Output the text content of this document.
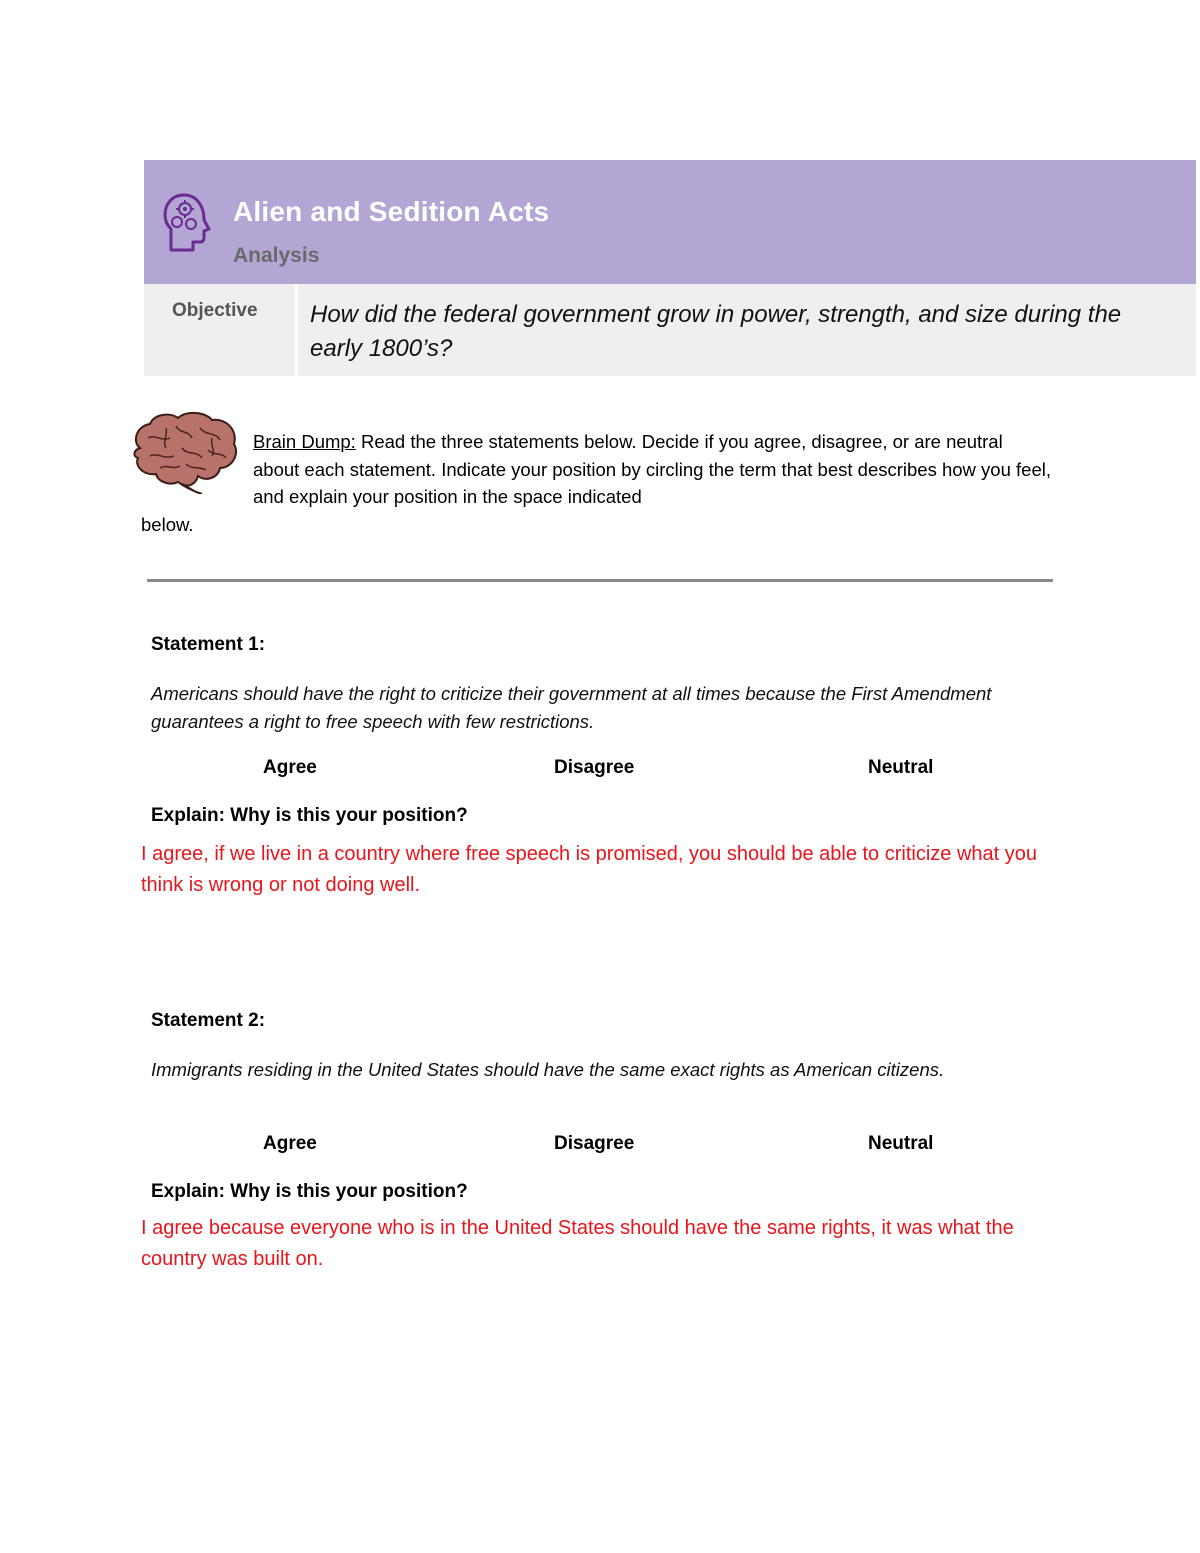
Alien and Sedition Acts
Analysis
Objective How did the federal government grow in power, strength, and size during the early 1800’s?
Brain Dump: Read the three statements below. Decide if you agree, disagree, or are neutral about each statement. Indicate your position by circling the term that best describes how you feel, and explain your position in the space indicated
below.
Statement 1:
Americans should have the right to criticize their government at all times because the First Amendment guarantees a right to free speech with few restrictions.
Agree	Disagree	Neutral
Explain: Why is this your position?
I agree, if we live in a country where free speech is promised, you should be able to criticize what you think is wrong or not doing well.
Statement 2:
Immigrants residing in the United States should have the same exact rights as American citizens.
Agree	Disagree	Neutral
Explain: Why is this your position?
I agree because everyone who is in the United States should have the same rights, it was what the country was built on.
